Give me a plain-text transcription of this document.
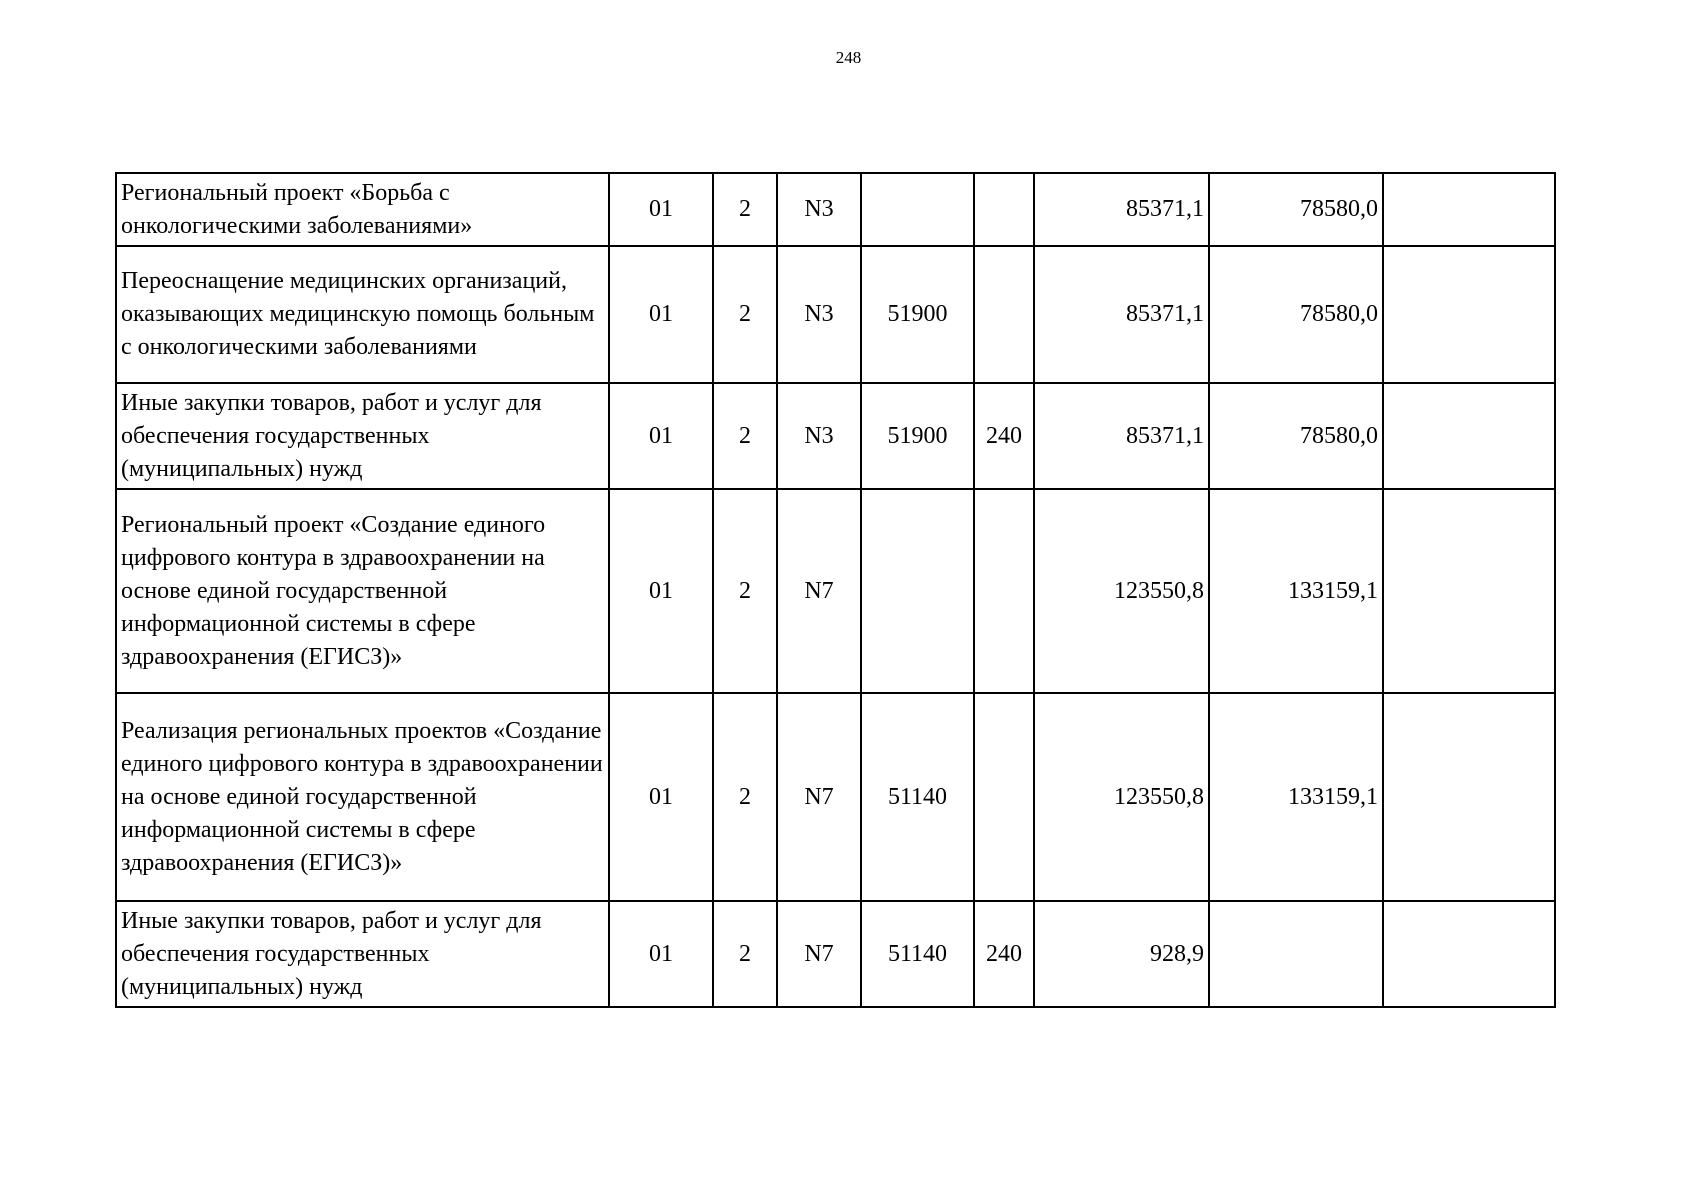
248
Региональный проект «Борьба с онкологическими заболеваниями»	01	2	N3			85371,1	78580,0	
Переоснащение медицинских организаций, оказывающих медицинскую помощь больным с онкологическими заболеваниями	01	2	N3	51900		85371,1	78580,0	
Иные закупки товаров, работ и услуг для обеспечения государственных (муниципальных) нужд	01	2	N3	51900	240	85371,1	78580,0	
Региональный проект «Создание единого цифрового контура в здравоохранении на основе единой государственной информационной системы в сфере здравоохранения (ЕГИСЗ)»	01	2	N7			123550,8	133159,1	
Реализация региональных проектов «Создание единого цифрового контура в здравоохранении на основе единой государственной информационной системы в сфере здравоохранения (ЕГИСЗ)»	01	2	N7	51140		123550,8	133159,1	
Иные закупки товаров, работ и услуг для обеспечения государственных (муниципальных) нужд	01	2	N7	51140	240	928,9		
